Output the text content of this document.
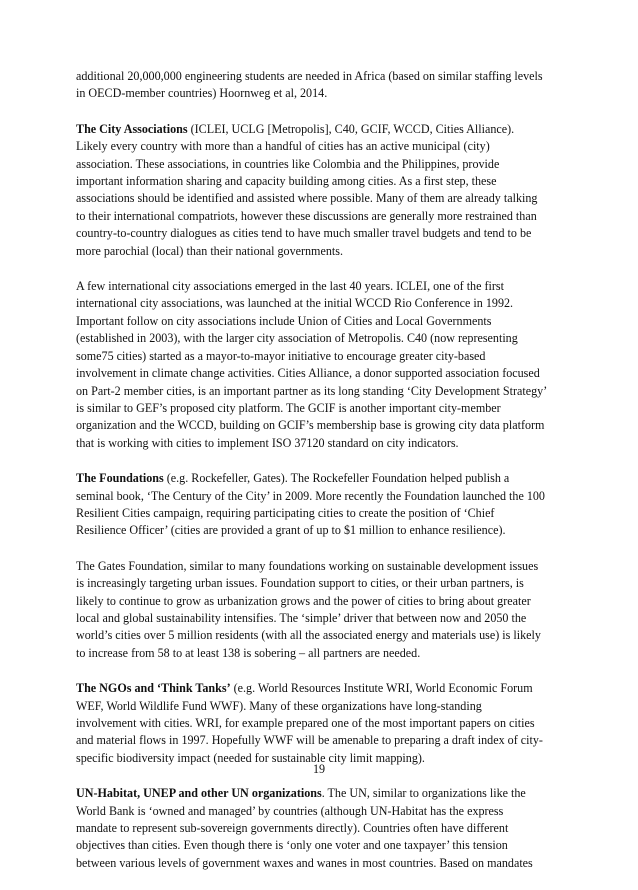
additional 20,000,000 engineering students are needed in Africa (based on similar staffing levels
in OECD-member countries) Hoornweg et al, 2014.
The City Associations (ICLEI, UCLG [Metropolis], C40, GCIF, WCCD, Cities Alliance).
Likely every country with more than a handful of cities has an active municipal (city)
association. These associations, in countries like Colombia and the Philippines, provide
important information sharing and capacity building among cities. As a first step, these
associations should be identified and assisted where possible. Many of them are already talking
to their international compatriots, however these discussions are generally more restrained than
country-to-country dialogues as cities tend to have much smaller travel budgets and tend to be
more parochial (local) than their national governments.
A few international city associations emerged in the last 40 years. ICLEI, one of the first
international city associations, was launched at the initial WCCD Rio Conference in 1992.
Important follow on city associations include Union of Cities and Local Governments
(established in 2003), with the larger city association of Metropolis. C40 (now representing
some75 cities) started as a mayor-to-mayor initiative to encourage greater city-based
involvement in climate change activities. Cities Alliance, a donor supported association focused
on Part-2 member cities, is an important partner as its long standing ‘City Development Strategy’
is similar to GEF’s proposed city platform. The GCIF is another important city-member
organization and the WCCD, building on GCIF’s membership base is growing city data platform
that is working with cities to implement ISO 37120 standard on city indicators.
The Foundations (e.g. Rockefeller, Gates). The Rockefeller Foundation helped publish a
seminal book, ‘The Century of the City’ in 2009. More recently the Foundation launched the 100
Resilient Cities campaign, requiring participating cities to create the position of ‘Chief
Resilience Officer’ (cities are provided a grant of up to $1 million to enhance resilience).
The Gates Foundation, similar to many foundations working on sustainable development issues
is increasingly targeting urban issues. Foundation support to cities, or their urban partners, is
likely to continue to grow as urbanization grows and the power of cities to bring about greater
local and global sustainability intensifies. The ‘simple’ driver that between now and 2050 the
world’s cities over 5 million residents (with all the associated energy and materials use) is likely
to increase from 58 to at least 138 is sobering – all partners are needed.
The NGOs and ‘Think Tanks’ (e.g. World Resources Institute WRI, World Economic Forum
WEF, World Wildlife Fund WWF). Many of these organizations have long-standing
involvement with cities. WRI, for example prepared one of the most important papers on cities
and material flows in 1997. Hopefully WWF will be amenable to preparing a draft index of city-
specific biodiversity impact (needed for sustainable city limit mapping).
UN-Habitat, UNEP and other UN organizations. The UN, similar to organizations like the
World Bank is ‘owned and managed’ by countries (although UN-Habitat has the express
mandate to represent sub-sovereign governments directly). Countries often have different
objectives than cities. Even though there is ‘only one voter and one taxpayer’ this tension
between various levels of government waxes and wanes in most countries. Based on mandates
19
